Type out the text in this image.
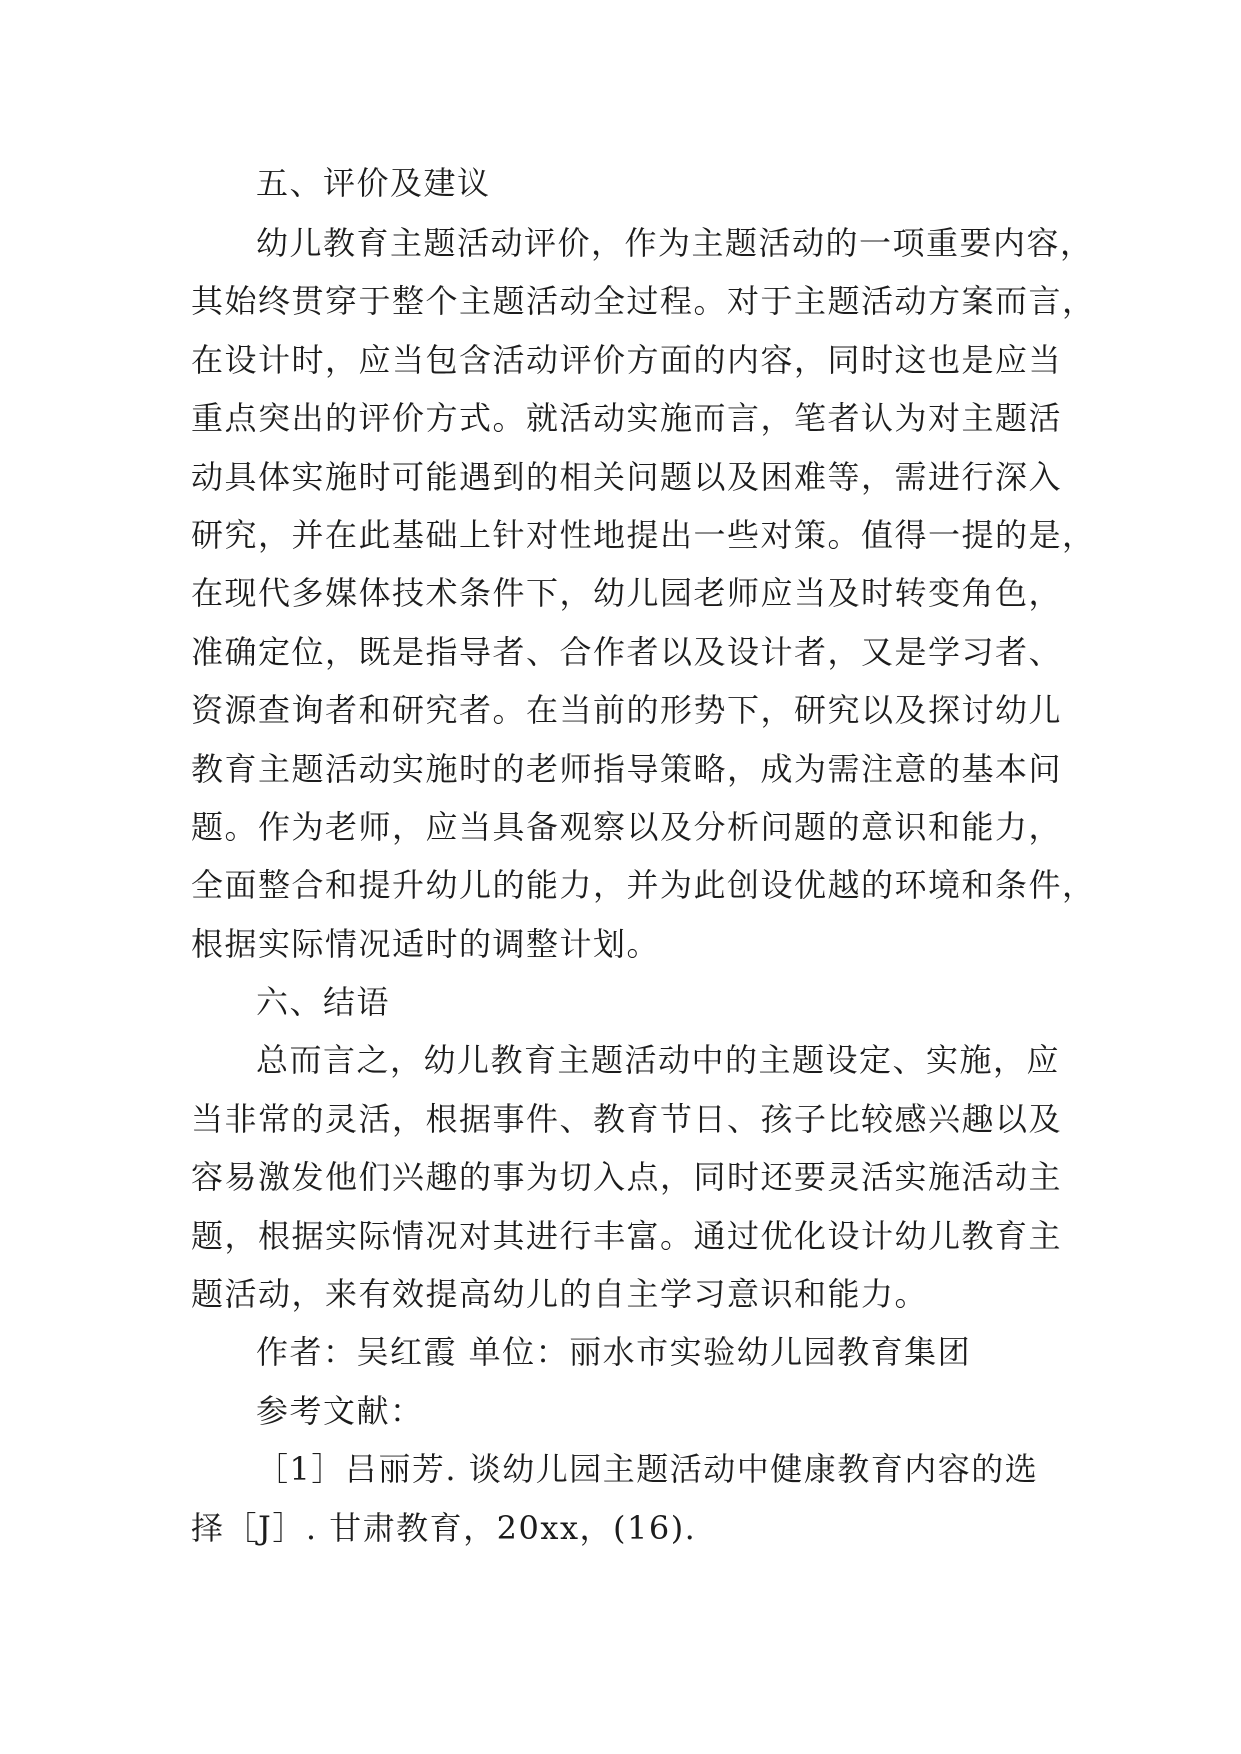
五、评价及建议
幼儿教育主题活动评价，作为主题活动的一项重要内容，
其始终贯穿于整个主题活动全过程。对于主题活动方案而言，
在设计时，应当包含活动评价方面的内容，同时这也是应当
重点突出的评价方式。就活动实施而言，笔者认为对主题活
动具体实施时可能遇到的相关问题以及困难等，需进行深入
研究，并在此基础上针对性地提出一些对策。值得一提的是，
在现代多媒体技术条件下，幼儿园老师应当及时转变角色，
准确定位，既是指导者、合作者以及设计者，又是学习者、
资源查询者和研究者。在当前的形势下，研究以及探讨幼儿
教育主题活动实施时的老师指导策略，成为需注意的基本问
题。作为老师，应当具备观察以及分析问题的意识和能力，
全面整合和提升幼儿的能力，并为此创设优越的环境和条件，
根据实际情况适时的调整计划。
六、结语
总而言之，幼儿教育主题活动中的主题设定、实施，应
当非常的灵活，根据事件、教育节日、孩子比较感兴趣以及
容易激发他们兴趣的事为切入点，同时还要灵活实施活动主
题，根据实际情况对其进行丰富。通过优化设计幼儿教育主
题活动，来有效提高幼儿的自主学习意识和能力。
作者：吴红霞 单位：丽水市实验幼儿园教育集团
参考文献：
［1］吕丽芳. 谈幼儿园主题活动中健康教育内容的选
择［J］. 甘肃教育，20xx，(16).
